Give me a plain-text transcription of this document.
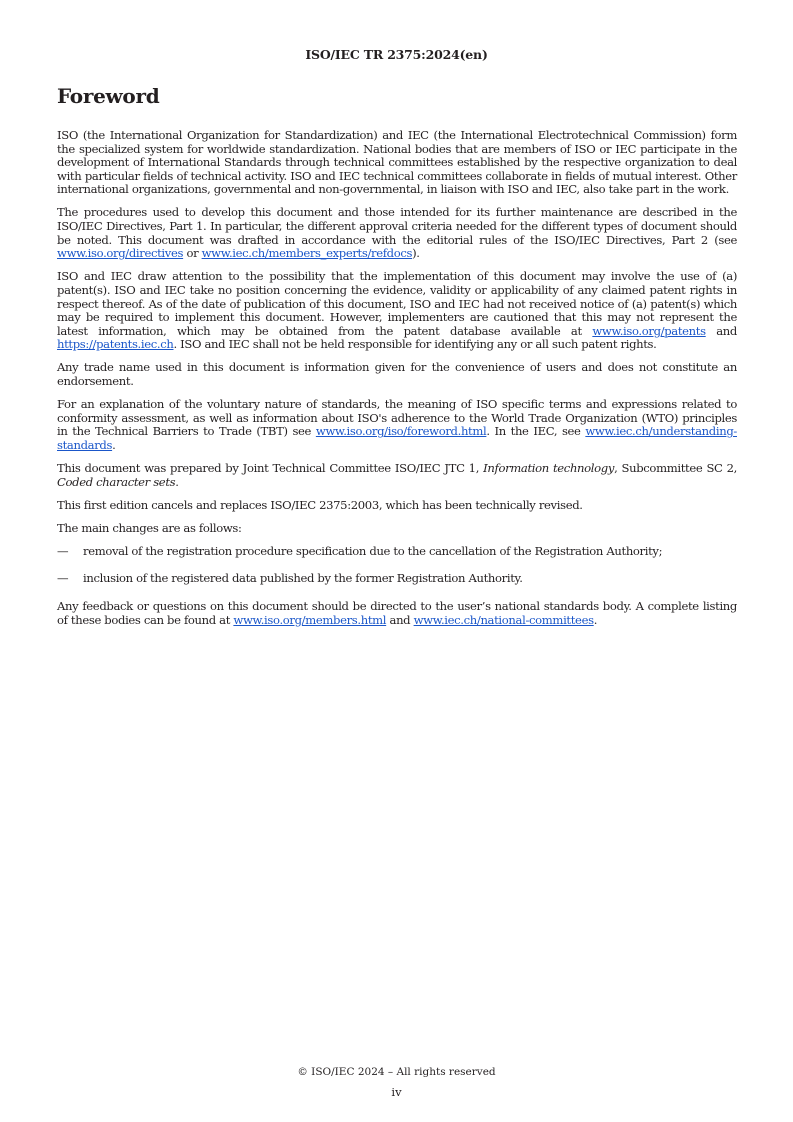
ISO/IEC TR 2375:2024(en)
Foreword

ISO (the International Organization for Standardization) and IEC (the International Electrotechnical Commission) form the specialized system for worldwide standardization. National bodies that are members of ISO or IEC participate in the development of International Standards through technical committees established by the respective organization to deal with particular fields of technical activity. ISO and IEC technical committees collaborate in fields of mutual interest. Other international organizations, governmental and non-governmental, in liaison with ISO and IEC, also take part in the work.

The procedures used to develop this document and those intended for its further maintenance are described in the ISO/IEC Directives, Part 1. In particular, the different approval criteria needed for the different types of document should be noted. This document was drafted in accordance with the editorial rules of the ISO/IEC Directives, Part 2 (see www.iso.org/directives or www.iec.ch/members_experts/refdocs).

ISO and IEC draw attention to the possibility that the implementation of this document may involve the use of (a) patent(s). ISO and IEC take no position concerning the evidence, validity or applicability of any claimed patent rights in respect thereof. As of the date of publication of this document, ISO and IEC had not received notice of (a) patent(s) which may be required to implement this document. However, implementers are cautioned that this may not represent the latest information, which may be obtained from the patent database available at www.iso.org/patents and https://patents.iec.ch. ISO and IEC shall not be held responsible for identifying any or all such patent rights.

Any trade name used in this document is information given for the convenience of users and does not constitute an endorsement.

For an explanation of the voluntary nature of standards, the meaning of ISO specific terms and expressions related to conformity assessment, as well as information about ISO's adherence to the World Trade Organization (WTO) principles in the Technical Barriers to Trade (TBT) see www.iso.org/iso/foreword.html. In the IEC, see www.iec.ch/understanding-standards.

This document was prepared by Joint Technical Committee ISO/IEC JTC 1, Information technology, Subcommittee SC 2, Coded character sets.

This first edition cancels and replaces ISO/IEC 2375:2003, which has been technically revised.

The main changes are as follows:

—	removal of the registration procedure specification due to the cancellation of the Registration Authority;
—	inclusion of the registered data published by the former Registration Authority.

Any feedback or questions on this document should be directed to the user’s national standards body. A complete listing of these bodies can be found at www.iso.org/members.html and www.iec.ch/national-committees.

© ISO/IEC 2024 – All rights reserved
iv
